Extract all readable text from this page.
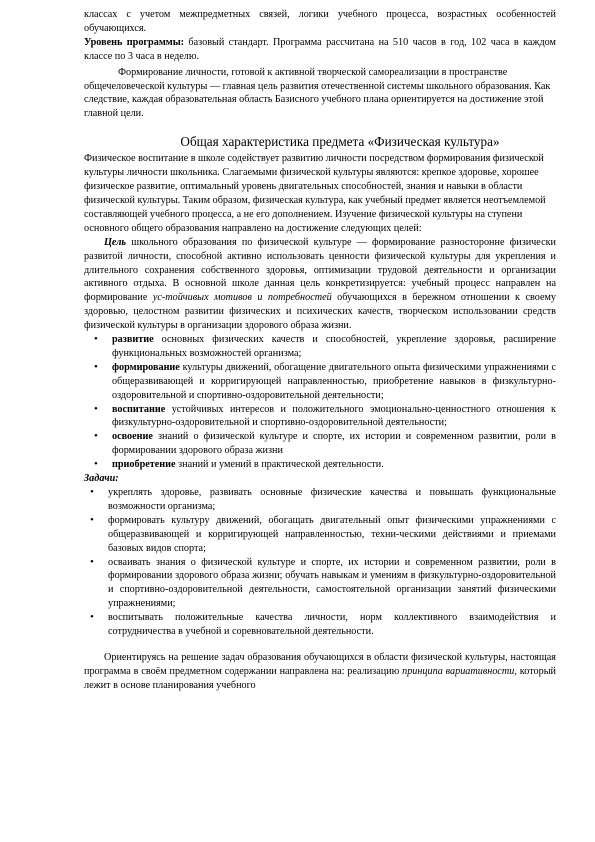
классах с учетом межпредметных связей, логики учебного процесса, возрастных особенностей обучающихся.

Уровень программы: базовый стандарт. Программа рассчитана на 510 часов в год, 102 часа в каждом классе по 3 часа в неделю.

Формирование личности, готовой к активной творческой самореализации в пространстве общечеловеческой культуры — главная цель развития отечественной системы школьного образования. Как следствие, каждая образовательная область Базисного учебного плана ориентируется на достижение этой главной цели.

Общая характеристика предмета «Физическая культура»

Физическое воспитание в школе содействует развитию личности посредством формирования физической культуры личности школьника. Слагаемыми физической культуры являются: крепкое здоровье, хорошее физическое развитие, оптимальный уровень двигательных способностей, знания и навыки в области физической культуры. Таким образом, физическая культура, как учебный предмет является неотъемлемой составляющей учебного процесса, а не его дополнением. Изучение физической культуры на ступени основного общего образования направлено на достижение следующих целей:

Цель школьного образования по физической культуре — формирование разносторонне физически развитой личности, способной активно использовать ценности физической культуры для укрепления и длительного сохранения собственного здоровья, оптимизации трудовой деятельности и организации активного отдыха. В основной школе данная цель конкретизируется: учебный процесс направлен на формирование ус-тойчивых мотивов и потребностей обучающихся в бережном отношении к своему здоровью, целостном развитии физических и психических качеств, творческом использовании средств физической культуры в организации здорового образа жизни.

• развитие основных физических качеств и способностей, укрепление здоровья, расширение функциональных возможностей организма;
• формирование культуры движений, обогащение двигательного опыта физическими упражнениями с общеразвивающей и корригирующей направленностью, приобретение навыков в физкультурно-оздоровительной и спортивно-оздоровительной деятельности;
• воспитание устойчивых интересов и положительного эмоционально-ценностного отношения к физкультурно-оздоровительной и спортивно-оздоровительной деятельности;
• освоение знаний о физической культуре и спорте, их истории и современном развитии, роли в формировании здорового образа жизни
• приобретение знаний и умений в практической деятельности.

Задачи:

• укреплять здоровье, развивать основные физические качества и повышать функциональные возможности организма;
• формировать культуру движений, обогащать двигательный опыт физическими упражнениями с общеразвивающей и корригирующей направленностью, техни-ческими действиями и приемами базовых видов спорта;
• осваивать знания о физической культуре и спорте, их истории и современном развитии, роли в формировании здорового образа жизни; обучать навыкам и умениям в физкультурно-оздоровительной и спортивно-оздоровительной деятельности, самостоятельной организации занятий физическими упражнениями;
• воспитывать положительные качества личности, норм коллективного взаимодействия и сотрудничества в учебной и соревновательной деятельности.

Ориентируясь на решение задач образования обучающихся в области физической культуры, настоящая программа в своём предметном содержании направлена на: реализацию принципа вариативности, который лежит в основе планирования учебного
